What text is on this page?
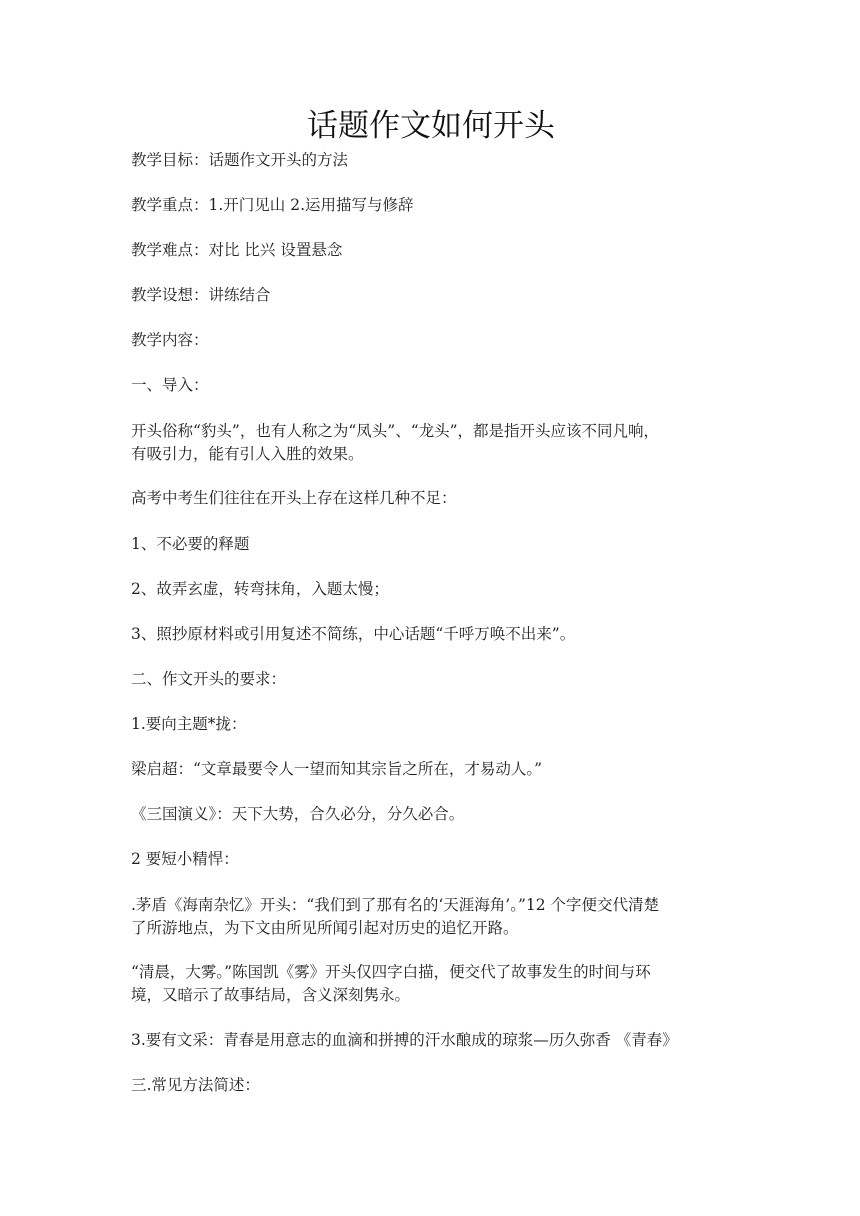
话题作文如何开头

教学目标：话题作文开头的方法

教学重点：1.开门见山 2.运用描写与修辞

教学难点：对比 比兴 设置悬念

教学设想：讲练结合

教学内容：

一、导入：

开头俗称“豹头”，也有人称之为“凤头”、“龙头”，都是指开头应该不同凡响，
有吸引力，能有引人入胜的效果。

高考中考生们往往在开头上存在这样几种不足：

1、不必要的释题

2、故弄玄虚，转弯抹角，入题太慢；

3、照抄原材料或引用复述不简练，中心话题“千呼万唤不出来”。

二、作文开头的要求：

1.要向主题*拢：

梁启超：“文章最要令人一望而知其宗旨之所在，才易动人。”

《三国演义》：天下大势，合久必分，分久必合。

2 要短小精悍：

.茅盾《海南杂忆》开头：“我们到了那有名的‘天涯海角’。”12 个字便交代清楚
了所游地点，为下文由所见所闻引起对历史的追忆开路。

“清晨，大雾。”陈国凯《雾》开头仅四字白描，便交代了故事发生的时间与环
境，又暗示了故事结局，含义深刻隽永。

3.要有文采：青春是用意志的血滴和拼搏的汗水酿成的琼浆—历久弥香 《青春》

三.常见方法简述：
